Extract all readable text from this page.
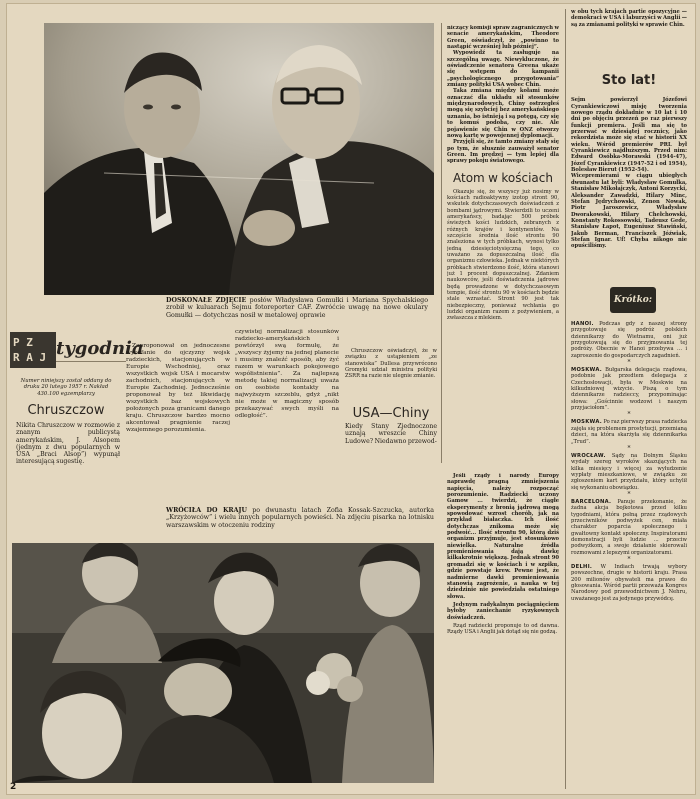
DOSKONAŁE ZDJĘCIE posłów Władysława Gomułki i Mariana Spychalskiego zrobił w kuluarach Sejmu fotoreporter CAF. Zwróćcie uwagę na nowe okulary Gomułki — dotychczas nosił w metalowej oprawie
P Z
R A J tygodnia
Numer niniejszy został oddany do druku 20 lutego 1957 r. Nakład 430.100 egzemplarzy
Chruszczow
Nikita Chruszczow w rozmowie z znanym publicystą amerykańskim, J. Alsopem (jednym z dwu popularnych w USA „Braci Alsop”) wypunął interesującą sugestię.

Zaproponował on jednoczesne wycofanie do ojczyzny wojsk radzieckich, stacjonujących w Europie Wschodniej, oraz wszystkich wojsk USA i mocarstw zachodnich, stacjonujących w Europie Zachodniej. Jednocześnie proponował by też likwidację wszystkich baz wojskowych położonych poza granicami danego kraju. Chruszczow bardzo mocno akcentował pragnienie raczej wzajemnego porozumienia.

czywistej normalizacji stosunków radziecko-amerykańskich i powtórzył swą formułę, że „wszyscy żyjemy na jednej planecie i musimy znaleźć sposób, aby żyć razem w warunkach pokojowego współistnienia”. Za najlepszą metodę takiej normalizacji uważa on osobiste kontakty na najwyższym szczeblu, gdyż „nikt nie może w magiczny sposób przekazywać swych myśli na odległość”.

Chruszczow oświadczył, że w związku z ustąpieniem „ze stanowiska” Dullesa przywrócono Gromyki udział ministra polityki ZSRR na razie nie ulegnie zmianie.

USA—Chiny
Kiedy Stany Zjednoczone uznają wreszcie Chiny Ludowe? Niedawno przewod-

niczący komisji spraw zagranicznych w senacie amerykańskim, Theodore Green, oświadczył, że „powinno to nastąpić wcześniej lub później”.

Wypowiedź ta zasługuje na szczególną uwagę. Niewykluczone, że oświadczenie senatora Greena ukaże się wstępem do kampanii „psychologicznego przygotowania” zmiany polityki USA wobec Chin.

Taka zmiana między kołami może oznaczać dla układu sił stosunków międzynarodowych, Chiny ostrzegłeś mogą się szybciej bez amerykańskiego uznania, bo istnieją i są potęgą, czy się to komuś podoba, czy nie. Ale pojawienie się Chin w ONZ otworzy nową kartę w powojennej dyplomacji.

Przyjęli się, że tamto zmiany stały się po tym, że słusznie zauważył senator Green. Im prędzej — tym lepiej dla sprawy pokoju światowego.

Atom w kościach

Okazuje się, że wszyscy już nosimy w kościach radioaktywny izotop stront 90, wskutek dotychczasowych doświadczeń z bombami jądrowymi. Stwierdzili to uczeni amerykańscy, badając 500 próbek świeżych kości ludzkich, zebranych z różnych krajów i kontynentów. Na szczęście średnia ilość strontu 90 znaleziona w tych próbkach, wynosi tylko jedną dziesięciotysięczną tego, co uważano za dopuszczalną ilość dla organizmu człowieka. Jednak w niektórych próbkach stwierdzono ilość, która stanowi już 1 procent dopuszczalnej. Zdaniem naukowców, jeśli doświadczenia jądrowe będą prowadzone w dotychczasowym tempie, ilość strontu 90 w kościach będzie stale wzrastać. Stront 90 jest tak niebezpieczny, ponieważ wchłania go ludzki organizm razem z pożywieniem, a zwłaszcza z mlekiem.

WRÓCIŁA DO KRAJU po dwunastu latach Zofia Kossak-Szczucka, autorka „Krzyżowców” i wielu innych popularnych powieści. Na zdjęciu pisarka na lotnisku warszawskim w otoczeniu rodziny

Jeśli rządy i narody Europy naprawdę pragną zmniejszenia napięcia, należy rozpocząć porozumienie. Radziecki uczony Gamow ... twierdzi, że ciągłe eksperymenty z bronią jądrową mogą spowodować wzrost chorób, jak na przykład białaczka. Ich ilość dotychczas znikoma może się podwoić... Ilość strontu 90, którą dziś organizm przyjmuje, jest stosunkowo niewielka. Naturalne źródła promieniowania dają dawkę kilkakrotnie większą. Jednak stront 90 gromadzi się w kościach i w szpiku, gdzie powstaje krew. Pewne jest, że nadmierne dawki promieniowania stanowią zagrożenie, a nauka w tej dziedzinie nie powiedziała ostatniego słowa.

Jedynym radykalnym pociągnięciem byłoby zaniechanie ryzykownych doświadczeń.

Rząd radziecki proponuje to od dawna. Rządy USA i Anglii jak dotąd się nie godzą.

w obu tych krajach partie opozycyjne — demokraci w USA i laburzyści w Anglii — są za zmianami polityki w sprawie Chin.
Sto lat!

Sejm powierzył Józefowi Cyrankiewiczowi misję tworzenia nowego rządu dokładnie w 10 lat i 10 dni po objęciu przezeń po raz pierwszy funkcji premiera. Jeśli ma się to przerwać w dziesiątej rocznicy, jako rekordzista może się stać w historii XX wieku. Wśród premierów PRL był Cyrankiewicz najdłuższym. Przed nim: Edward Osóbka-Morawski (1944-47), Józef Cyrankiewicz (1947-52 i od 1954), Bolesław Bierut (1952-54).
Wicepremierami w ciągu ubiegłych dwunastu lat byli: Władysław Gomułka, Stanisław Mikołajczyk, Antoni Korzycki, Aleksander Zawadzki, Hilary Minc, Stefan Jędrychowski, Zenon Nowak, Piotr Jaroszewicz, Władysław Dworakowski, Hilary Chełchowski, Konstanty Rokossowski, Tadeusz Gede, Stanisław Łapot, Eugeniusz Stawiński, Jakub Berman, Franciszek Jóźwiak, Stefan Ignar. Uf! Chyba nikogo nie opuściliśmy.

Krótko:
HANOI. Podczas gdy z naszej strony przygotowuje się podróż polskich dziennikarzy do Wietnamu, oni już przygotowują się do przyjmowania tej podróży. Obecnie w Hanoi przebywa ... i zaproszenie do gospodarczych zagadnień.
*
MOSKWA. Bułgarska delegacja rządowa, podobnie jak przedtem delegacja z Czechosłowacji, była w Moskwie na kilkudniowej wizycie. Piszą o tym dziennikarze radzieccy, przypominając słowa: „Gościnnie wodzowi i naszym przyjaciołom”.
*
MOSKWA. Po raz pierwszy prasa radziecka zajęła się problemem prostytucji, przemianą dzieci, na która skarżyła się dziennikarka „Trud”.
*
WROCŁAW. Sądy na Dolnym Śląsku wydały szereg wyroków skazujących na kilka miesięcy i więcej za wyłudzenie wypłaty mieszkaniowe, w związku ze zgłoszeniem kart przydziału, który uchylił się wykonaniu obowiązku.
*
BARCELONA. Panuje przekonanie, że żadna akcja bojkotowa przed kilku tygodniami, która pełną przez rządowych przeciwników podwyżek cen, miała charakter poparcia społecznego i gwałtowny kontakt społeczny. Inspiratorami demonstracji byli ludzie ... przeciw podwyżkom, a swoje działanie skierowali rozmowami z lepszymi organizatorami.
*
DELHI. W Indiach trwają wybory powszechne, drugie w historii kraju. Prasa 200 milionów obywateli ma prawo do głosowania. Wśród partii przeważa Kongres Narodowy pod przewodnictwem J. Nehru, uważanego jest za jedynego przywódcę.
2
